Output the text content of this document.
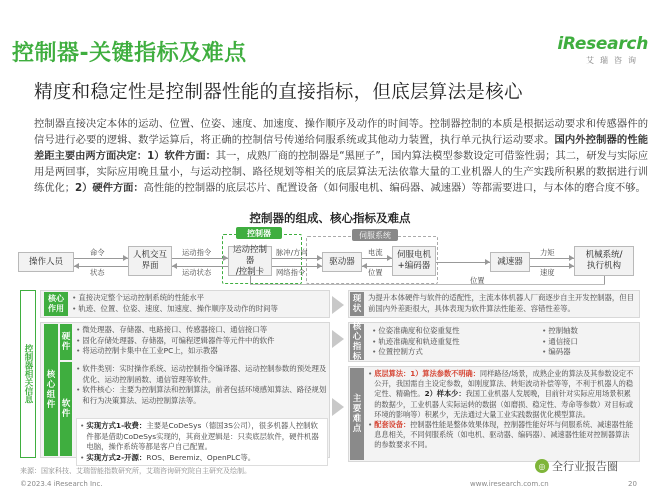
控制器-关键指标及难点	iResearch
艾瑞咨询
精度和稳定性是控制器性能的直接指标，但底层算法是核心
控制器直接决定本体的运动、位置、位姿、速度、加速度、操作顺序及动作的时间等。控制器控制的本质是根据运动要求和传感器件的信号进行必要的逻辑、数学运算后，将正确的控制信号传递给伺服系统或其他动力装置，执行单元执行运动要求。国内外控制器的性能差距主要由两方面决定：1）软件方面：其一，成熟厂商的控制器是“黑匣子”，国内算法模型参数设定可借鉴性弱；其二，研发与实际应用是两回事，实际应用晚且量小，与运动控制、路径规划等相关的底层算法无法依靠大量的工业机器人的生产实践所积累的数据进行训练优化；2）硬件方面：高性能的控制器的底层芯片、配置设备（如伺服电机、编码器、减速器）等都需要进口，与本体的磨合度不够。
控制器的组成、核心指标及难点
控制器	伺服系统
操作人员
人机交互
界面
运动控制器
/控制卡
驱动器
伺服电机
+编码器	减速器
机械系统/
执行机构
命令
状态
运动指令
运动状态
脉冲/方向
网络指令
电流
位置
力矩
速度
位置
控制器相关信息
核心
作用
• 直接决定整个运动控制系统的性能水平
• 轨迹、位置、位姿、速度、加速度、操作顺序及动作的时间等
核心
组件
硬件
• 微处理器、存储器、电路接口、传感器接口、通信接口等
• 固化存储处理器、存储器，可编程逻辑器件等元件中的软件
• 将运动控制卡集中在工业PC上，如示教器
软件
• 软件类别：实时操作系统、运动控制指令编译器、运动控制参数的预处理及优化、运动控制函数、通信管理等软件。
• 软件核心：主要为控制算法和控制算法，前者包括环境感知算法、路径规划和行为决策算法、运动控制算法等。
• 实现方式1-收费：主要是CoDeSys（德国3S公司），很多机器人控制软件都是借助CoDeSys实现的，其商业逻辑是：只卖底层软件，硬件机器电脑，操作系统等都是客户自己配置。
• 实现方式2-开源：ROS、Beremiz、OpenPLC等。
现
状
为提升本体硬件与软件的适配性，主流本体机器人厂商逐步自主开发控制器，但目前国内外差距很大，具体表现为软件算法性能差、容错性差等。
核心
指标
• 位姿准确度和位姿重复性
• 轨迹准确度和轨迹重复性
• 位置控制方式
• 控制轴数
• 通信接口
• 编码器
主要
难点
• 底层算法：1）算法参数不明确：同样路径/场景，成熟企业的算法及其参数设定不公开，我国需自主设定参数，如刚度算法、转矩波动补偿等等，不利于机器人的稳定性、精确性。2）样本少：我国工业机器人发展晚，目前针对实际应用场景积累的数据少，工业机器人实际运转的数据（如磨损、稳定性、寿命等参数）对目标或环境的影响等）积累少，无法通过大量工业实践数据优化模型算法。
• 配套设备：控制器性能是整体效果体现，控制器性能好坏与伺服系统、减速器性能息息相关，不同伺服系统（如电机、驱动器、编码器）、减速器性能对控制器算法的参数要求不同。
来源：国家科技、艾瑞智能指数研究所，艾瑞咨询研究院自主研究及绘制。
©2023.4 iResearch Inc.	www.iresearch.com.cn	20
◎ 全行业报告圈
